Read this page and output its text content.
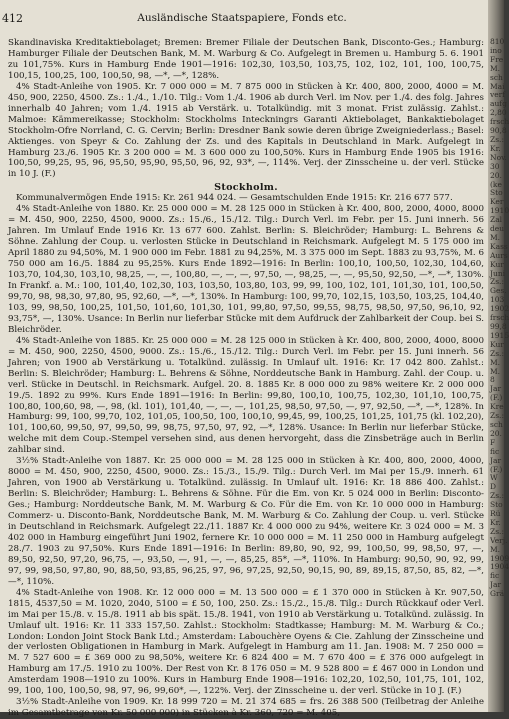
412	Ausländische Staatspapiere, Fonds etc.

Skandinaviska Kreditaktiebolaget; Bremen: Bremer Filiale der Deutschen Bank, Disconto-Ges.; Hamburg: Hamburger Filiale der Deutschen Bank, M. M. Warburg & Co. Aufgelegt in Bremen u. Hamburg 5. 6. 1901 zu 101,75%. Kurs in Hamburg Ende 1901—1916: 102,30, 103,50, 103,75, 102, 102, 101, 100, 100,75, 100,15, 100,25, 100, 100,50, 98, —*, —*, 128%.

4% Stadt-Anleihe von 1905. Kr. 7 000 000 = M. 7 875 000 in Stücken à Kr. 400, 800, 2000, 4000 = M. 450, 900, 2250, 4500. Zs.: 1./4., 1./10. Tilg.: Vom 1./4. 1906 ab durch Verl. im Nov. per 1./4. des folg. Jahres innerhalb 40 Jahren; vom 1./4. 1915 ab Verstärk. u. Totalkündig. mit 3 monat. Frist zulässig. Zahlst.: Malmoe: Kämmereikasse; Stockholm: Stockholms Inteckningrs Garanti Aktiebolaget, Bankaktiebolaget Stockholm-Ofre Norrland, C. G. Cervin; Berlin: Dresdner Bank sowie deren übrige Zweigniederlass.; Basel: Aktienges. von Speyr & Co. Zahlung der Zs. und des Kapitals in Deutschland in Mark. Aufgelegt in Hamburg 23./6. 1905 Kr. 3 200 000 = M. 3 600 000 zu 100,50%. Kurs in Hamburg Ende 1905 bis 1916: 100,50, 99,25, 95, 96, 95,50, 95,90, 95,50, 96, 92, 93*, —, 114%. Verj. der Zinsscheine u. der verl. Stücke in 10 J. (F.)

Stockholm.

Kommunalvermögen Ende 1915: Kr. 261 944 024. — Gesamtschulden Ende 1915: Kr. 216 677 577.

4% Stadt-Anleihe von 1880. Kr. 25 000 000 = M. 28 125 000 in Stücken à Kr. 400, 800, 2000, 4000, 8000 = M. 450, 900, 2250, 4500, 9000. Zs.: 15./6., 15./12. Tilg.: Durch Verl. im Febr. per 15. Juni innerh. 56 Jahren. Im Umlauf Ende 1916 Kr. 13 677 600. Zahlst. Berlin: S. Bleichröder; Hamburg: L. Behrens & Söhne. Zahlung der Coup. u. verlosten Stücke in Deutschland in Reichsmark. Aufgelegt M. 5 175 000 im April 1880 zu 94,50%, M. 1 900 000 im Febr. 1881 zu 94,25%, M. 3 375 000 im Sept. 1883 zu 93,75%, M. 6 750 000 am 16./5. 1884 zu 95,25%. Kurs Ende 1892—1916: In Berlin: 100,10, 100,50, 102,30, 104,60, 103,70, 104,30, 103,10, 98,25, —, —, 100,80, —, —, —, 97,50, —, 98,25, —, —, 95,50, 92,50, —*, —*, 130%. In Frankf. a. M.: 100, 101,40, 102,30, 103, 103,50, 103,80, 103, 99, 99, 100, 102, 101, 101,30, 101, 100,50, 99,70, 98, 98,30, 97,80, 95, 92,60, —*, —*, 130%. In Hamburg: 100, 99,70, 102,15, 103,50, 103,25, 104,40, 103, 99, 98,50, 100,25, 101,50, 101,60, 101,30, 101, 99,80, 97,50, 99,55, 98,75, 98,50, 97,50, 96,10, 92, 93,75*, —, 130%. Usance: In Berlin nur lieferbar Stücke mit dem Aufdruck der Zahlbarkeit der Coup. bei S. Bleichröder.

4% Stadt-Anleihe von 1885. Kr. 25 000 000 = M. 28 125 000 in Stücken à Kr. 400, 800, 2000, 4000, 8000 = M. 450, 900, 2250, 4500, 9000. Zs.: 15./6., 15./12. Tilg.: Durch Verl. im Febr. per 15. Juni innerh. 56 Jahren; von 1900 ab Verstärkung u. Totalkünd. zulässig. In Umlauf ult. 1916: Kr. 17 042 800. Zahlst.: Berlin: S. Bleichröder; Hamburg: L. Behrens & Söhne, Norddeutsche Bank in Hamburg. Zahl. der Coup. u. verl. Stücke in Deutschl. in Reichsmark. Aufgel. 20. 8. 1885 Kr. 8 000 000 zu 98% weitere Kr. 2 000 000 19./5. 1892 zu 99%. Kurs Ende 1891—1916: In Berlin: 99,80, 100,10, 100,75, 102,30, 101,10, 100,75, 100,80, 100,60, 98, —, 98, (kl. 101), 101,40, —, —, —, 101,25, 98,50, 97,50, —, 97, 92,50, —*, —*, 128%. In Hamburg: 99, 100, 99,70, 102, 101,05, 100,50, 100, 100,10, 99,45, 99, 100,25, 101,25, 101,75 (kl. 102,20), 101, 100,60, 99,50, 97, 99,50, 99, 98,75, 97,50, 97, 92, —*, 128%. Usance: In Berlin nur lieferbar Stücke, welche mit dem Coup.-Stempel versehen sind, aus denen hervorgeht, dass die Zinsbeträge auch in Berlin zahlbar sind.

3½% Stadt-Anleihe von 1887. Kr. 25 000 000 = M. 28 125 000 in Stücken à Kr. 400, 800, 2000, 4000, 8000 = M. 450, 900, 2250, 4500, 9000. Zs.: 15./3., 15./9. Tilg.: Durch Verl. im Mai per 15./9. innerh. 61 Jahren, von 1900 ab Verstärkung u. Totalkünd. zulässig. In Umlauf ult. 1916: Kr. 18 886 400. Zahlst.: Berlin: S. Bleichröder; Hamburg: L. Behrens & Söhne. Für die Em. von Kr. 5 024 000 in Berlin: Disconto-Ges.; Hamburg: Norddeutsche Bank, M. M. Warburg & Co. Für die Em. von Kr. 10 000 000 in Hamburg: Commerz- u. Disconto-Bank, Norddeutsche Bank, M. M. Warburg & Co. Zahlung der Coup. u. verl. Stücke in Deutschland in Reichsmark. Aufgelegt 22./11. 1887 Kr. 4 000 000 zu 94%, weitere Kr. 3 024 000 = M. 3 402 000 in Hamburg eingeführt Juni 1902, fernere Kr. 10 000 000 = M. 11 250 000 in Hamburg aufgelegt 28./7. 1903 zu 97,50%. Kurs Ende 1891—1916: In Berlin: 89,80, 90, 92, 99, 100,50, 99, 98,50, 97, —, 89,50, 92,50, 97,20, 96,75, —, 93,50, —, 91, —, —, 85,25, 85*, —*, 110%. In Hamburg: 90,50, 90, 92, 99, 97, 99, 98,50, 97,80, 90, 88,50, 93,85, 96,25, 97, 96, 97,25, 92,50, 90,15, 90, 89, 89,15, 87,50, 85, 82, —*, —*, 110%.

4% Stadt-Anleihe von 1908. Kr. 12 000 000 = M. 13 500 000 = £ 1 370 000 in Stücken à Kr. 907,50, 1815, 4537,50 = M. 1020, 2040, 5100 = £ 50, 100, 250. Zs.: 15./2., 15./8. Tilg.: Durch Rückkauf oder Verl. im Mai per 15./8. v. 15./8. 1911 ab bis spät. 15./8. 1941, von 1910 ab Verstärkung u. Totalkünd. zulässig. In Umlauf ult. 1916: Kr. 11 333 157,50. Zahlst.: Stockholm: Stadtkasse; Hamburg: M. M. Warburg & Co.; London: London Joint Stock Bank Ltd.; Amsterdam: Labouchère Oyens & Cie. Zahlung der Zinsscheine und der verlosten Obligationen in Hamburg in Mark. Aufgelegt in Hamburg am 11. Jan. 1908: M. 7 250 000 = M. 7 527 600 = £ 369 000 zu 98,50%, weitere Kr. 6 824 400 = M. 7 670 400 = £ 376 000 aufgelegt in Hamburg am 17./5. 1910 zu 100%. Der Rest von Kr. 8 176 050 = M. 9 528 800 = £ 467 000 in London und Amsterdam 1908—1910 zu 100%. Kurs in Hamburg Ende 1908—1916: 102,20, 102,50, 101,75, 101, 102, 99, 100, 100, 100,50, 98, 97, 96, 99,60*, —, 122%. Verj. der Zinsscheine u. der verl. Stücke in 10 J. (F.)

3½% Stadt-Anleihe von 1909. Kr. 18 999 720 = M. 21 374 685 = frs. 26 388 500 (Teilbetrag der Anleihe im Gesamtbetrage von Kr. 50 000 000) in Stücken à Kr. 360, 720 = M. 405,

810
ino
Fre
M.
sch
Mai
verf
aufg
2,80
frsch
90,8
Zs.:
Kr.
Nov.
30
20.
(ke
Sto
Ker
1910
Zal
deu
M.
Kass
Aurs
Kur
Juni
Zs.:
Ges.
103
1902
frsch
99,8
1915
Kur
Zs.:
M.
M.
8
Jar
(F.)
Kre
Zs.:
sch
20.
F
fic
Jar
(F.)
W
D
Zs.:
Sto
Rü
Kr.
Zs.:
Verj.
M.
1909
1904
fic
Jar
Grä
